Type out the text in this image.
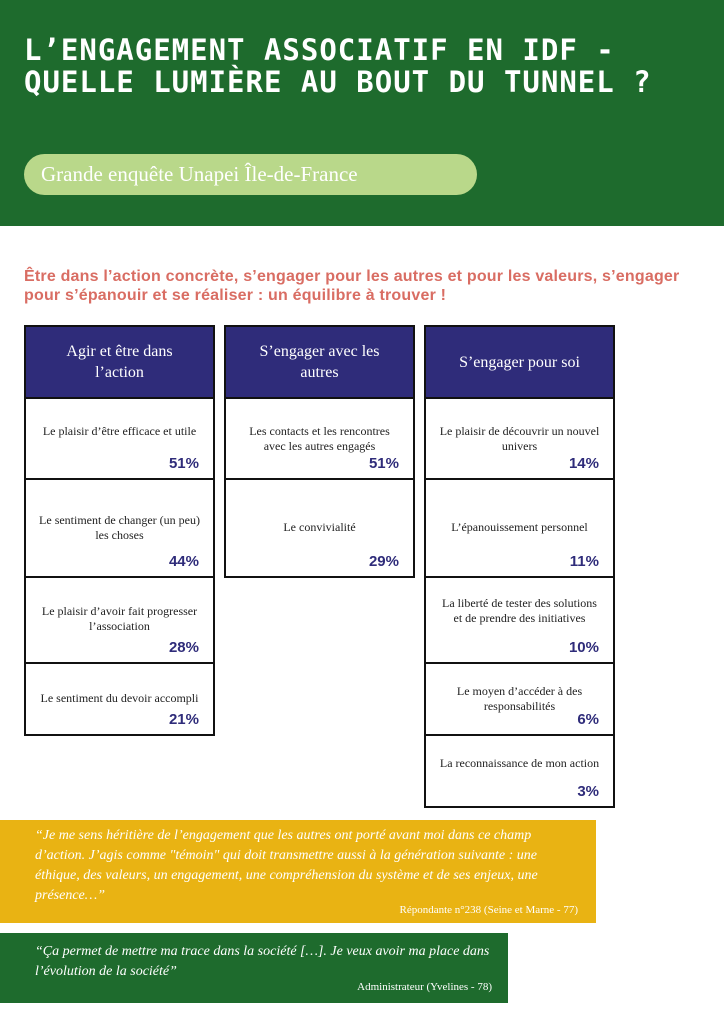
L’ENGAGEMENT ASSOCIATIF EN IDF - QUELLE LUMIÈRE AU BOUT DU TUNNEL ?
Grande enquête Unapei Île-de-France

Être dans l’action concrète, s’engager pour les autres et pour les valeurs, s’engager pour s’épanouir et se réaliser : un équilibre à trouver !

Agir et être dans l’action
Le plaisir d’être efficace et utile
51%
Le sentiment de changer (un peu) les choses
44%
Le plaisir d’avoir fait progresser l’association
28%
Le sentiment du devoir accompli
21%
S’engager avec les autres
Les contacts et les rencontres avec les autres engagés
51%
Le convivialité
29%
S’engager pour soi
Le plaisir de découvrir un nouvel univers
14%
L’épanouissement personnel
11%
La liberté de tester des solutions et de prendre des initiatives
10%
Le moyen d’accéder à des responsabilités
6%
La reconnaissance de mon action
3%

“Je me sens héritière de l’engagement que les autres ont porté avant moi dans ce champ d’action. J’agis comme "témoin" qui doit transmettre aussi à la génération suivante : une éthique, des valeurs, un engagement, une compréhension du système et de ses enjeux, une présence…”

Répondante n°238 (Seine et Marne - 77)

“Ça permet de mettre ma trace dans la société […]. Je veux avoir ma place dans l’évolution de la société”

Administrateur (Yvelines - 78)
